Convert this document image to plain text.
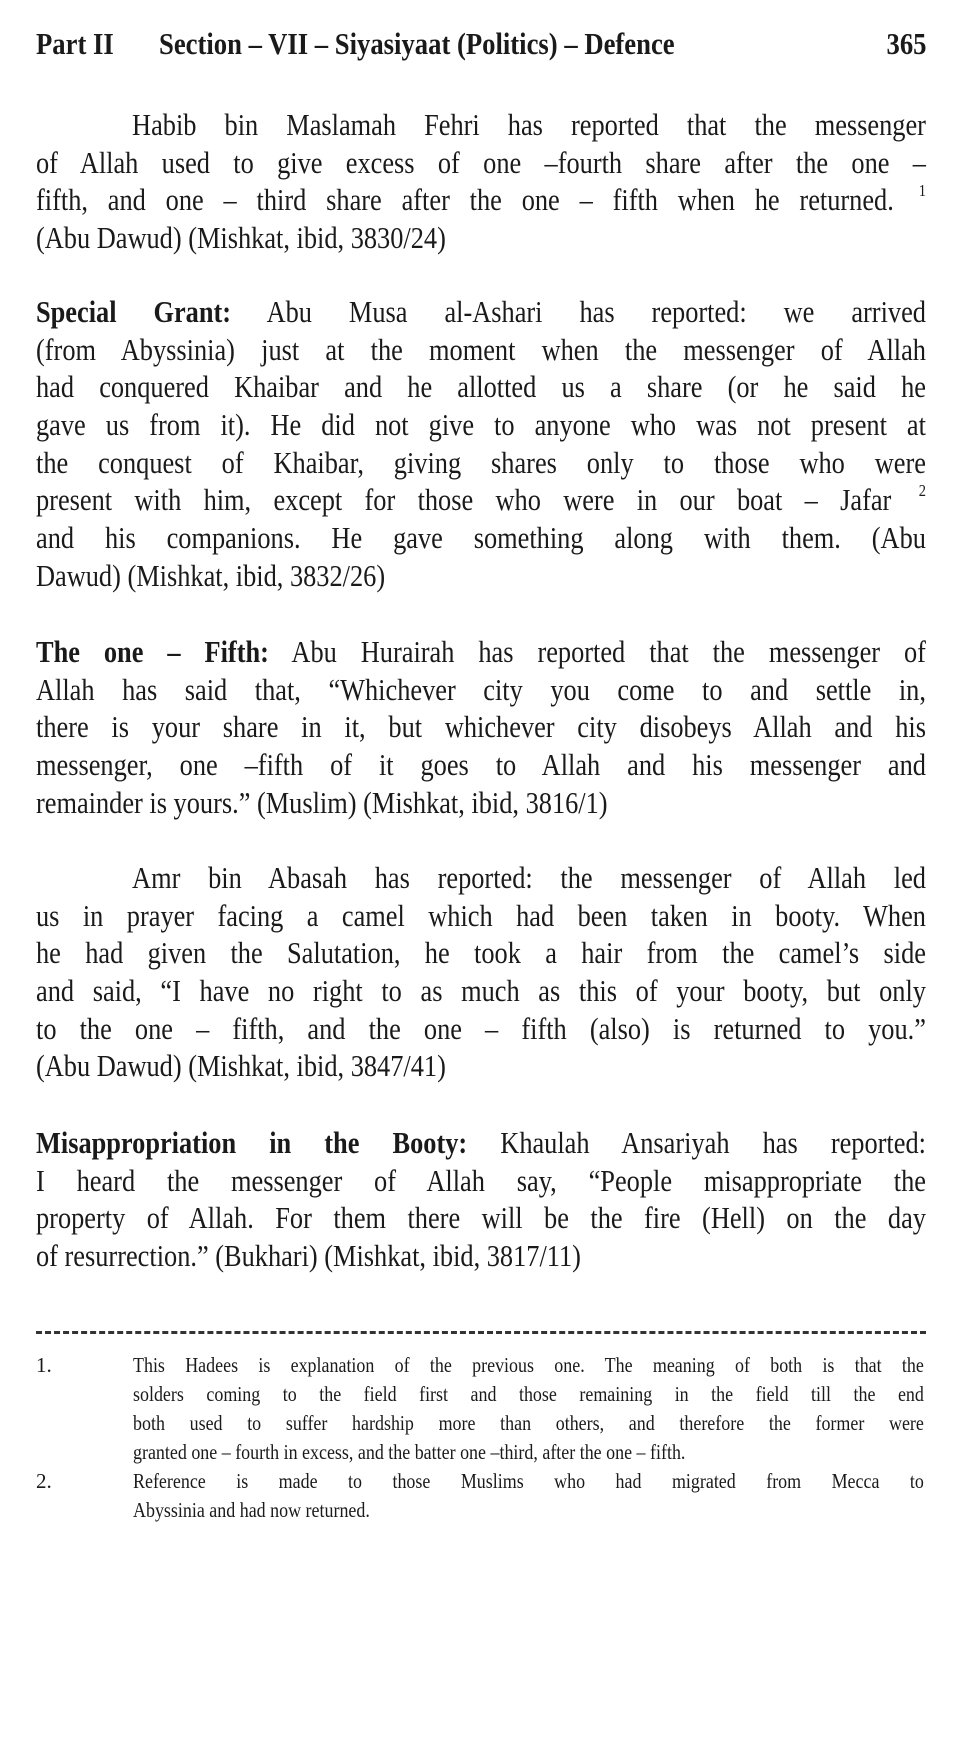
Part II Section – VII – Siyasiyaat (Politics) – Defence	365
Habib bin Maslamah Fehri has reported that the messenger
of Allah used to give excess of one –fourth share after the one –
fifth, and one – third share after the one – fifth when he returned. $^1$
(Abu Dawud) (Mishkat, ibid, 3830/24)
Special Grant: Abu Musa al-Ashari has reported: we arrived
(from Abyssinia) just at the moment when the messenger of Allah
had conquered Khaibar and he allotted us a share (or he said he
gave us from it). He did not give to anyone who was not present at
the conquest of Khaibar, giving shares only to those who were
present with him, except for those who were in our boat – Jafar $^2$
and his companions. He gave something along with them. (Abu
Dawud) (Mishkat, ibid, 3832/26)
The one – Fifth: Abu Hurairah has reported that the messenger of
Allah has said that, “Whichever city you come to and settle in,
there is your share in it, but whichever city disobeys Allah and his
messenger, one –fifth of it goes to Allah and his messenger and
remainder is yours.” (Muslim) (Mishkat, ibid, 3816/1)
Amr bin Abasah has reported: the messenger of Allah led
us in prayer facing a camel which had been taken in booty. When
he had given the Salutation, he took a hair from the camel’s side
and said, “I have no right to as much as this of your booty, but only
to the one – fifth, and the one – fifth (also) is returned to you.”
(Abu Dawud) (Mishkat, ibid, 3847/41)
Misappropriation in the Booty: Khaulah Ansariyah has reported:
I heard the messenger of Allah say, “People misappropriate the
property of Allah. For them there will be the fire (Hell) on the day
of resurrection.” (Bukhari) (Mishkat, ibid, 3817/11)
1.	This Hadees is explanation of the previous one. The meaning of both is that the
solders coming to the field first and those remaining in the field till the end
both used to suffer hardship more than others, and therefore the former were
granted one – fourth in excess, and the batter one –third, after the one – fifth.
2.	Reference is made to those Muslims who had migrated from Mecca to
Abyssinia and had now returned.
